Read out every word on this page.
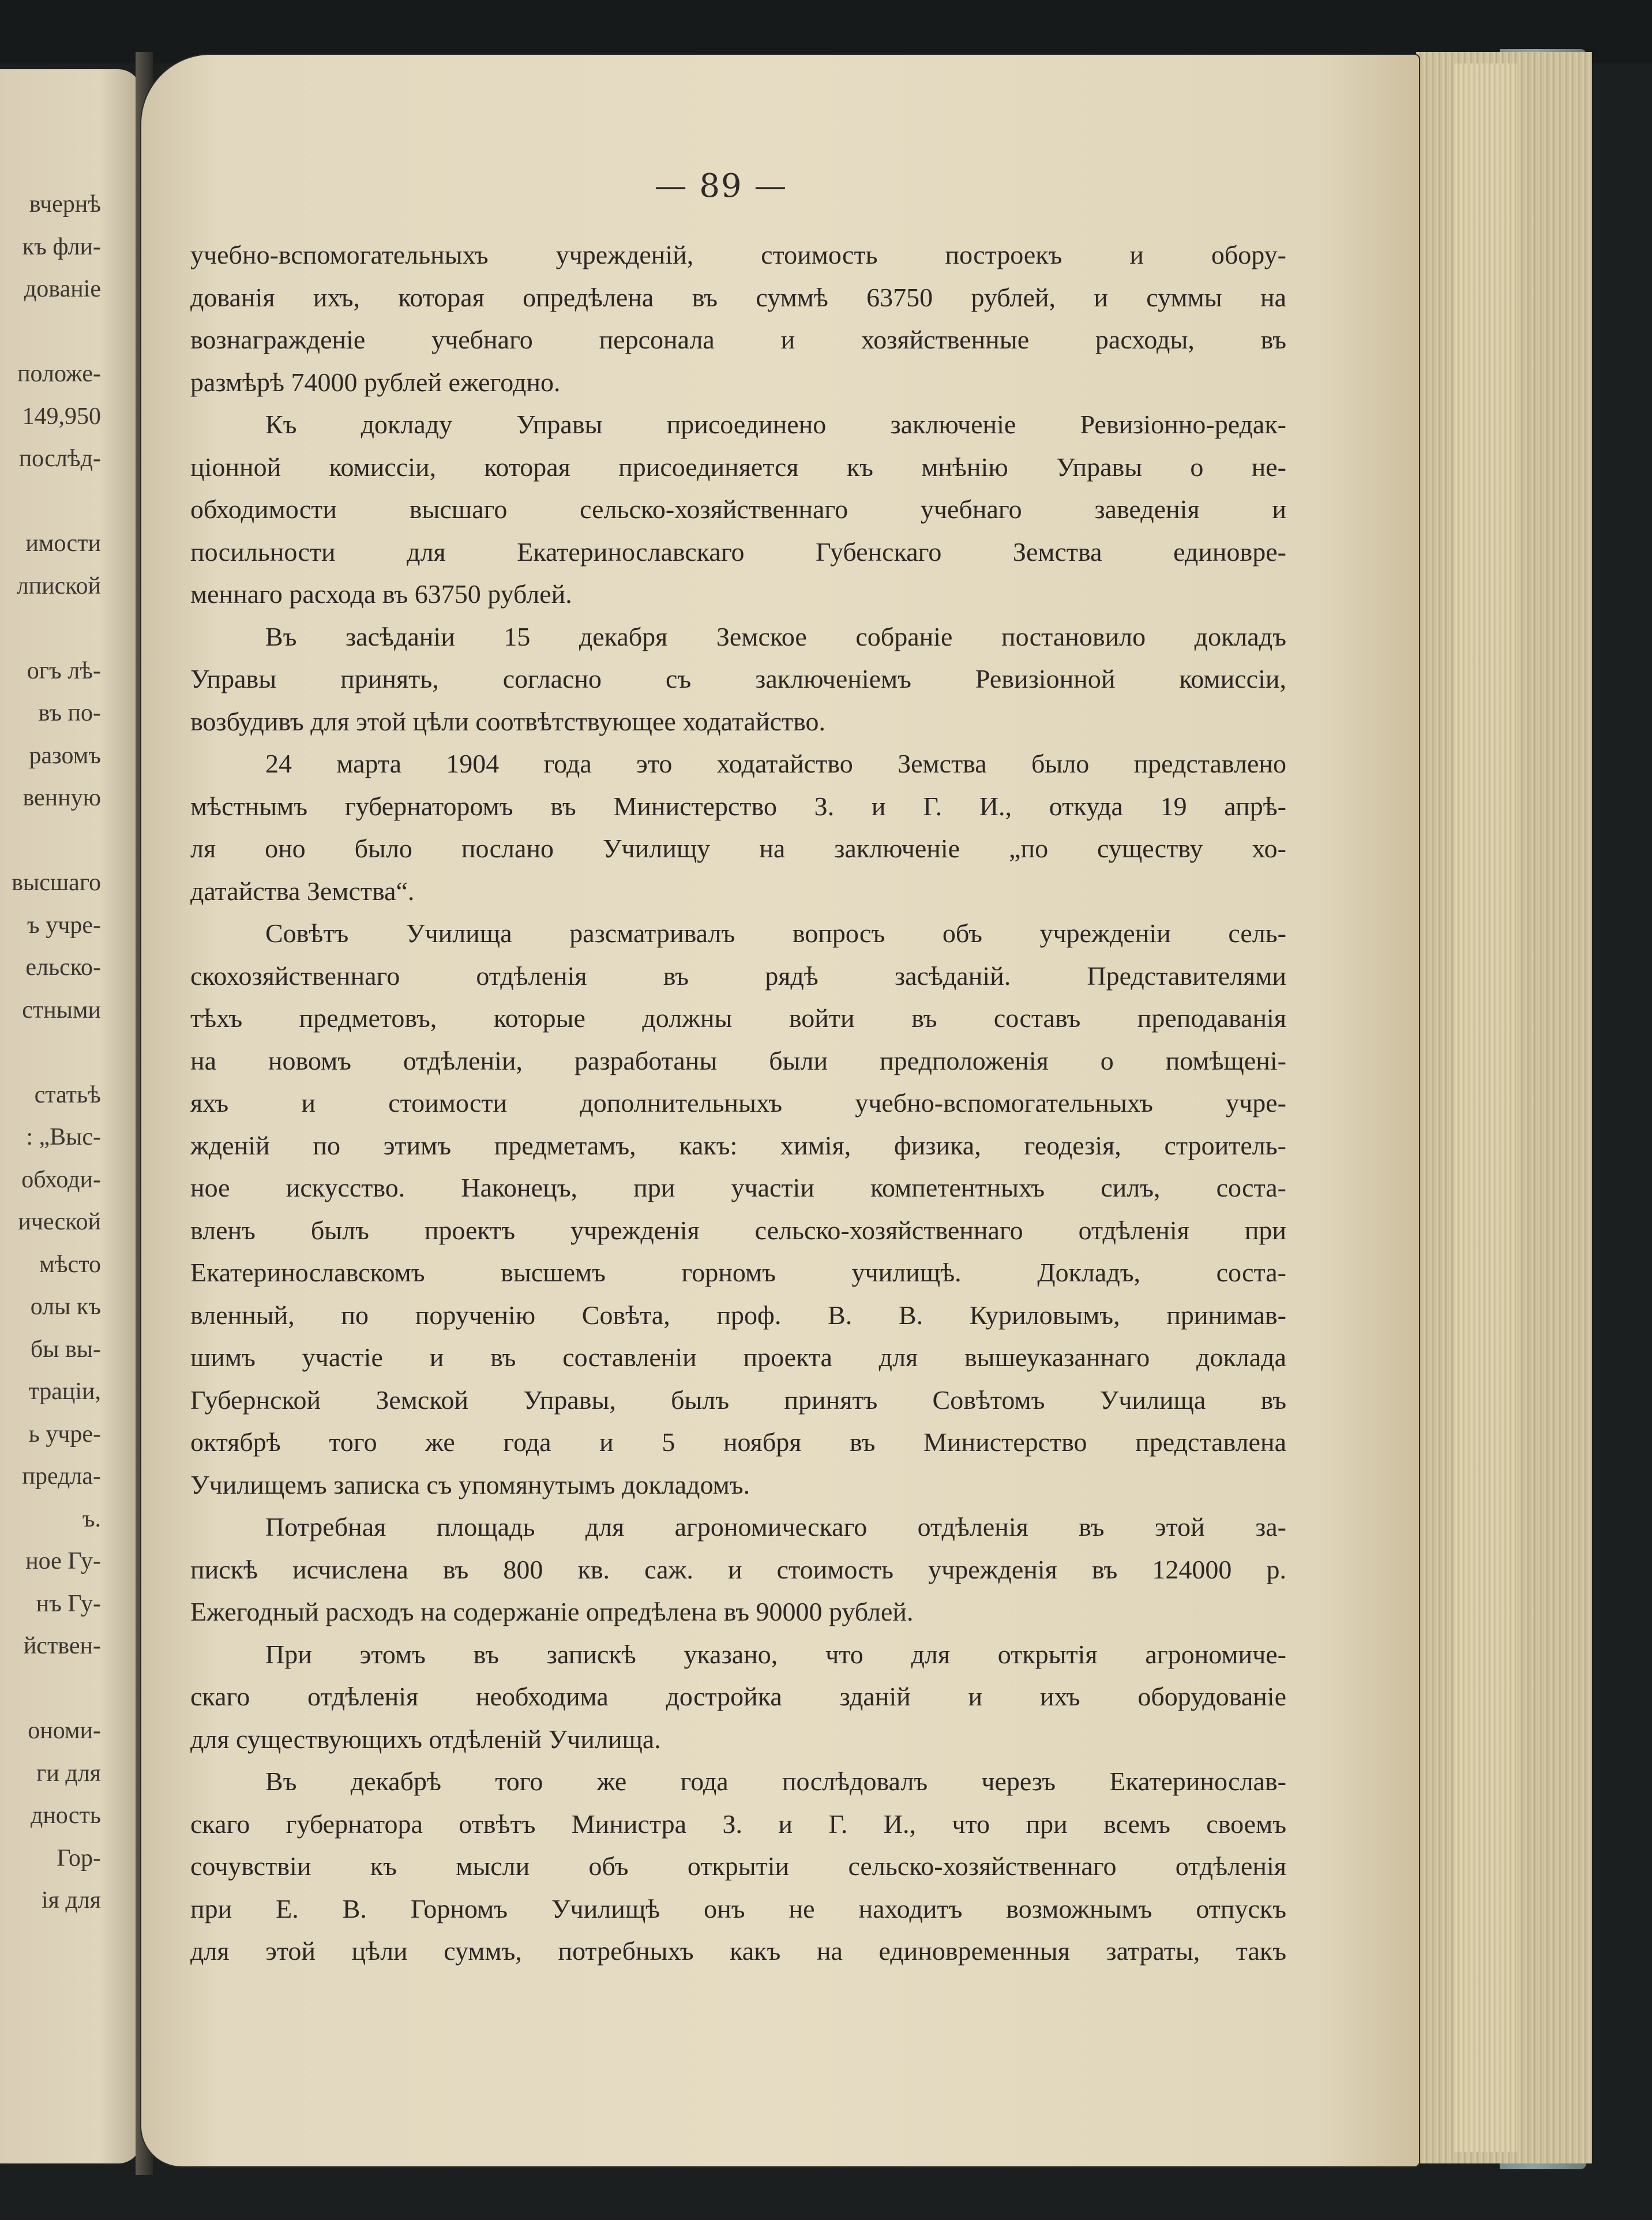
вчернѣ
къ фли-
дованіе
положе-
149,950
послѣд-
имости
лпиской
огъ лѣ-
въ по-
разомъ
венную
высшаго
ъ учре-
ельско-
стными
статьѣ
: „Выс-
обходи-
ической
мѣсто
олы къ
бы вы-
траціи,
ь учре-
предла-
ъ.
ное Гу-
нъ Гу-
йствен-
ономи-
ги для
дность
Гор-
ія для
— 89 —
учебно-вспомогательныхъ учрежденій, стоимость построекъ и обору-
дованія ихъ, которая опредѣлена въ суммѣ 63750 рублей, и суммы на
вознагражденіе учебнаго персонала и хозяйственные расходы, въ
размѣрѣ 74000 рублей ежегодно.
Къ докладу Управы присоединено заключеніе Ревизіонно-редак-
ціонной комиссіи, которая присоединяется къ мнѣнію Управы о не-
обходимости высшаго сельско-хозяйственнаго учебнаго заведенія и
посильности для Екатеринославскаго Губенскаго Земства единовре-
меннаго расхода въ 63750 рублей.
Въ засѣданіи 15 декабря Земское собраніе постановило докладъ
Управы принять, согласно съ заключеніемъ Ревизіонной комиссіи,
возбудивъ для этой цѣли соотвѣтствующее ходатайство.
24 марта 1904 года это ходатайство Земства было представлено
мѣстнымъ губернаторомъ въ Министерство З. и Г. И., откуда 19 апрѣ-
ля оно было послано Училищу на заключеніе „по существу хо-
датайства Земства“.
Совѣтъ Училища разсматривалъ вопросъ объ учрежденіи сель-
скохозяйственнаго отдѣленія въ рядѣ засѣданій. Представителями
тѣхъ предметовъ, которые должны войти въ составъ преподаванія
на новомъ отдѣленіи, разработаны были предположенія о помѣщені-
яхъ и стоимости дополнительныхъ учебно-вспомогательныхъ учре-
жденій по этимъ предметамъ, какъ: химія, физика, геодезія, строитель-
ное искусство. Наконецъ, при участіи компетентныхъ силъ, соста-
вленъ былъ проектъ учрежденія сельско-хозяйственнаго отдѣленія при
Екатеринославскомъ высшемъ горномъ училищѣ. Докладъ, соста-
вленный, по порученію Совѣта, проф. В. В. Куриловымъ, принимав-
шимъ участіе и въ составленіи проекта для вышеуказаннаго доклада
Губернской Земской Управы, былъ принятъ Совѣтомъ Училища въ
октябрѣ того же года и 5 ноября въ Министерство представлена
Училищемъ записка съ упомянутымъ докладомъ.
Потребная площадь для агрономическаго отдѣленія въ этой за-
пискѣ исчислена въ 800 кв. саж. и стоимость учрежденія въ 124000 р.
Ежегодный расходъ на содержаніе опредѣлена въ 90000 рублей.
При этомъ въ запискѣ указано, что для открытія агрономиче-
скаго отдѣленія необходима достройка зданій и ихъ оборудованіе
для существующихъ отдѣленій Училища.
Въ декабрѣ того же года послѣдовалъ черезъ Екатеринослав-
скаго губернатора отвѣтъ Министра З. и Г. И., что при всемъ своемъ
сочувствіи къ мысли объ открытіи сельско-хозяйственнаго отдѣленія
при Е. В. Горномъ Училищѣ онъ не находитъ возможнымъ отпускъ
для этой цѣли суммъ, потребныхъ какъ на единовременныя затраты, такъ
